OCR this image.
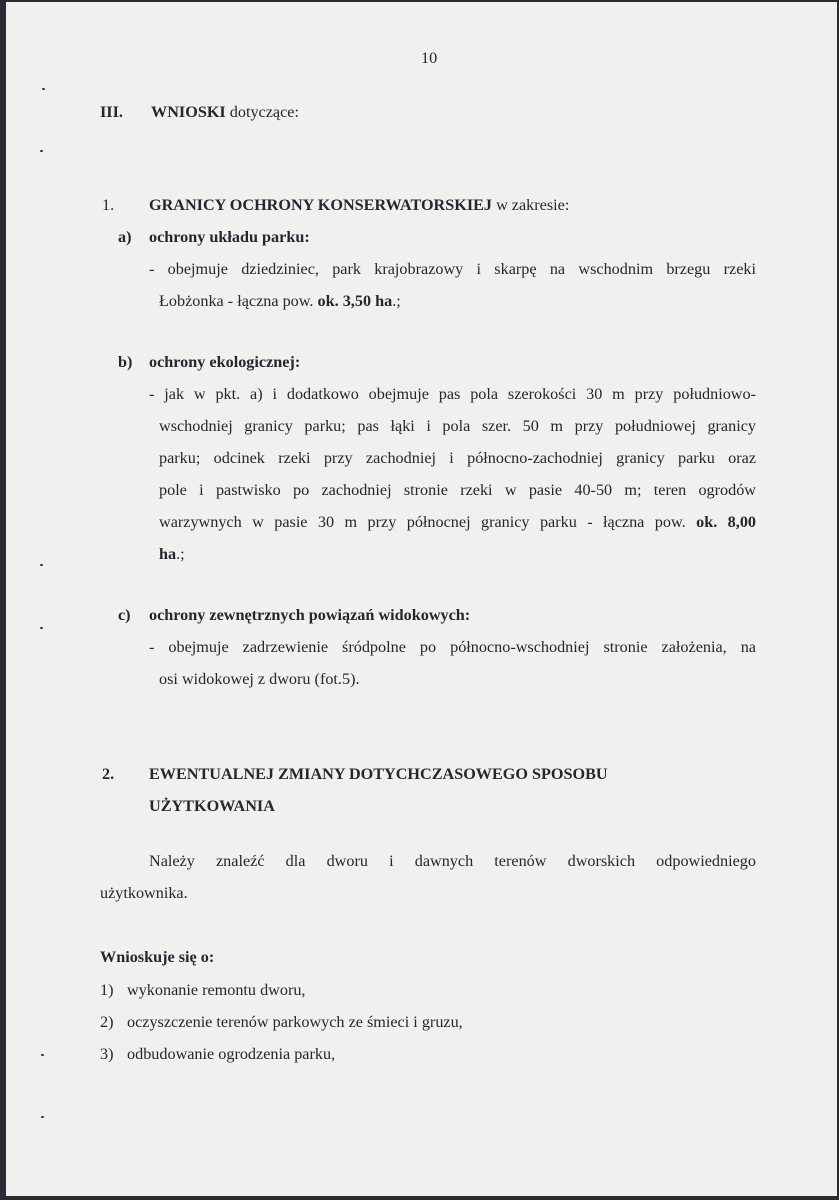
10
III. WNIOSKI dotyczące:
1. GRANICY OCHRONY KONSERWATORSKIEJ w zakresie:
a) ochrony układu parku:
- obejmuje dziedziniec, park krajobrazowy i skarpę na wschodnim brzegu rzeki
Łobżonka - łączna pow. ok. 3,50 ha.;
b) ochrony ekologicznej:
- jak w pkt. a) i dodatkowo obejmuje pas pola szerokości 30 m przy południowo-
wschodniej granicy parku; pas łąki i pola szer. 50 m przy południowej granicy
parku; odcinek rzeki przy zachodniej i północno-zachodniej granicy parku oraz
pole i pastwisko po zachodniej stronie rzeki w pasie 40-50 m; teren ogrodów
warzywnych w pasie 30 m przy północnej granicy parku - łączna pow. ok. 8,00
ha.;
c) ochrony zewnętrznych powiązań widokowych:
- obejmuje zadrzewienie śródpolne po północno-wschodniej stronie założenia, na
osi widokowej z dworu (fot.5).
2. EWENTUALNEJ ZMIANY DOTYCHCZASOWEGO SPOSOBU
UŻYTKOWANIA
Należy znaleźć dla dworu i dawnych terenów dworskich odpowiedniego
użytkownika.
Wnioskuje się o:
1) wykonanie remontu dworu,
2) oczyszczenie terenów parkowych ze śmieci i gruzu,
3) odbudowanie ogrodzenia parku,
